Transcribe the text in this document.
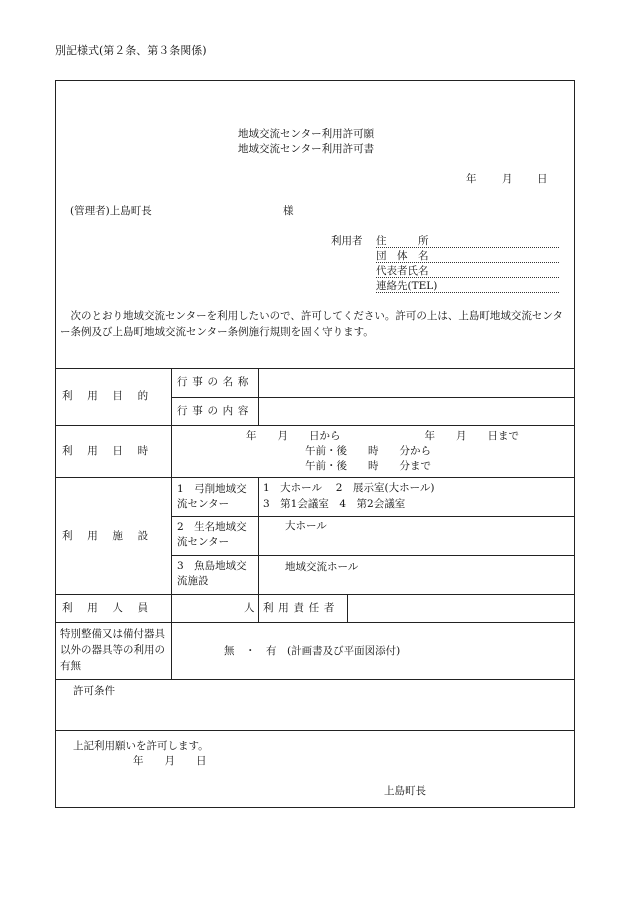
別記様式(第２条、第３条関係)
地域交流センター利用許可願
地域交流センター利用許可書
年 月 日
(管理者)上島町長	様
利用者 住　　　所
団　体　名
代表者氏名
連絡先(TEL)
次のとおり地域交流センターを利用したいので、許可してください。許可の上は、上島町地域交流センター条例及び上島町地域交流センター条例施行規則を固く守ります。
利用目的
行事の名称
行事の内容
利用日時
年　　月　　日から　　　　　　　　年　　月　　日まで
午前・後　　時　　分から
午前・後　　時　　分まで
利用施設
1　弓削地域交流センター
1　大ホール　 2　展示室(大ホール)
3　第1会議室　4　第2会議室
2　生名地域交流センター
大ホール
3　魚島地域交流施設
地域交流ホール
利用人員	人 利用責任者
特別整備又は備付器具以外の器具等の利用の有無
無　・　有　(計画書及び平面図添付)
許可条件
上記利用願いを許可します。
年　　月　　日
上島町長
